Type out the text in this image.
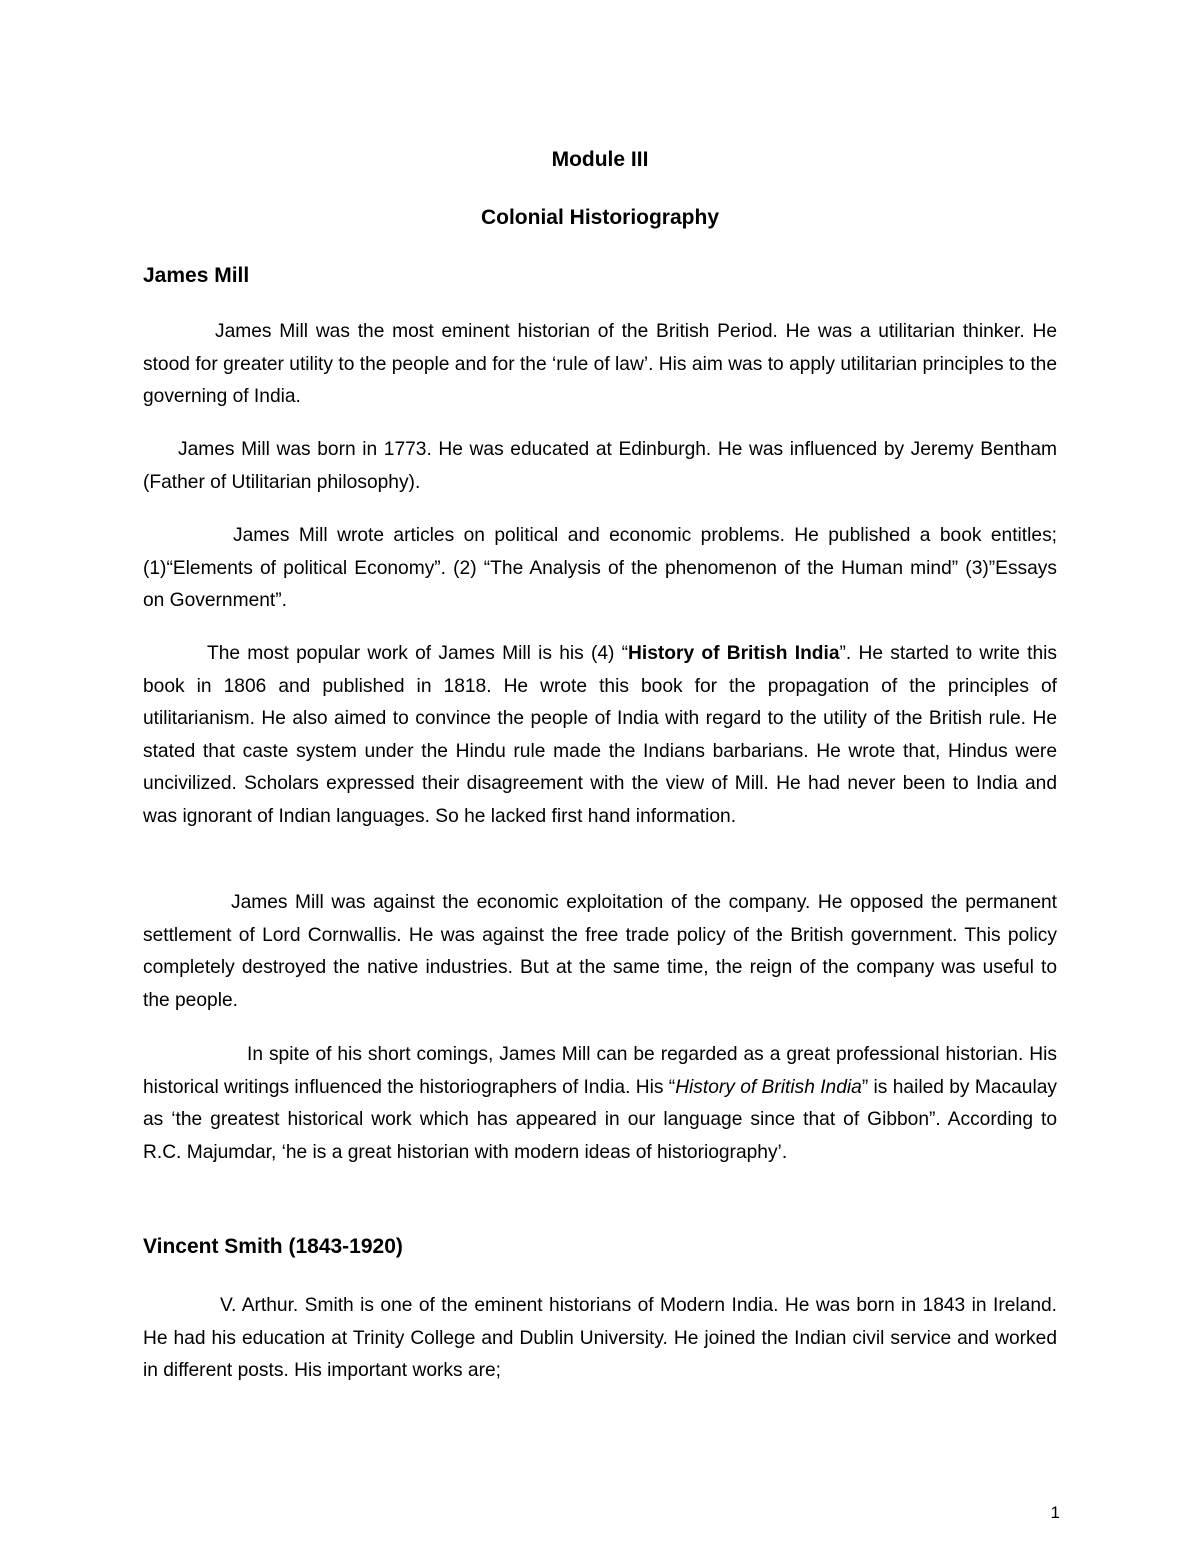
Module III
Colonial Historiography
James Mill

James Mill was the most eminent historian of the British Period. He was a utilitarian thinker. He stood for greater utility to the people and for the ‘rule of law’. His aim was to apply utilitarian principles to the governing of India.

James Mill was born in 1773. He was educated at Edinburgh. He was influenced by Jeremy Bentham (Father of Utilitarian philosophy).

James Mill wrote articles on political and economic problems. He published a book entitles; (1)“Elements of political Economy”. (2) “The Analysis of the phenomenon of the Human mind” (3)”Essays on Government”.

The most popular work of James Mill is his (4) “History of British India”. He started to write this book in 1806 and published in 1818. He wrote this book for the propagation of the principles of utilitarianism. He also aimed to convince the people of India with regard to the utility of the British rule. He stated that caste system under the Hindu rule made the Indians barbarians. He wrote that, Hindus were uncivilized. Scholars expressed their disagreement with the view of Mill. He had never been to India and was ignorant of Indian languages. So he lacked first hand information.

James Mill was against the economic exploitation of the company. He opposed the permanent settlement of Lord Cornwallis. He was against the free trade policy of the British government. This policy completely destroyed the native industries. But at the same time, the reign of the company was useful to the people.

In spite of his short comings, James Mill can be regarded as a great professional historian. His historical writings influenced the historiographers of India. His “History of British India” is hailed by Macaulay as ‘the greatest historical work which has appeared in our language since that of Gibbon”. According to R.C. Majumdar, ‘he is a great historian with modern ideas of historiography’.

Vincent Smith (1843-1920)

V. Arthur. Smith is one of the eminent historians of Modern India. He was born in 1843 in Ireland. He had his education at Trinity College and Dublin University. He joined the Indian civil service and worked in different posts. His important works are;

1
